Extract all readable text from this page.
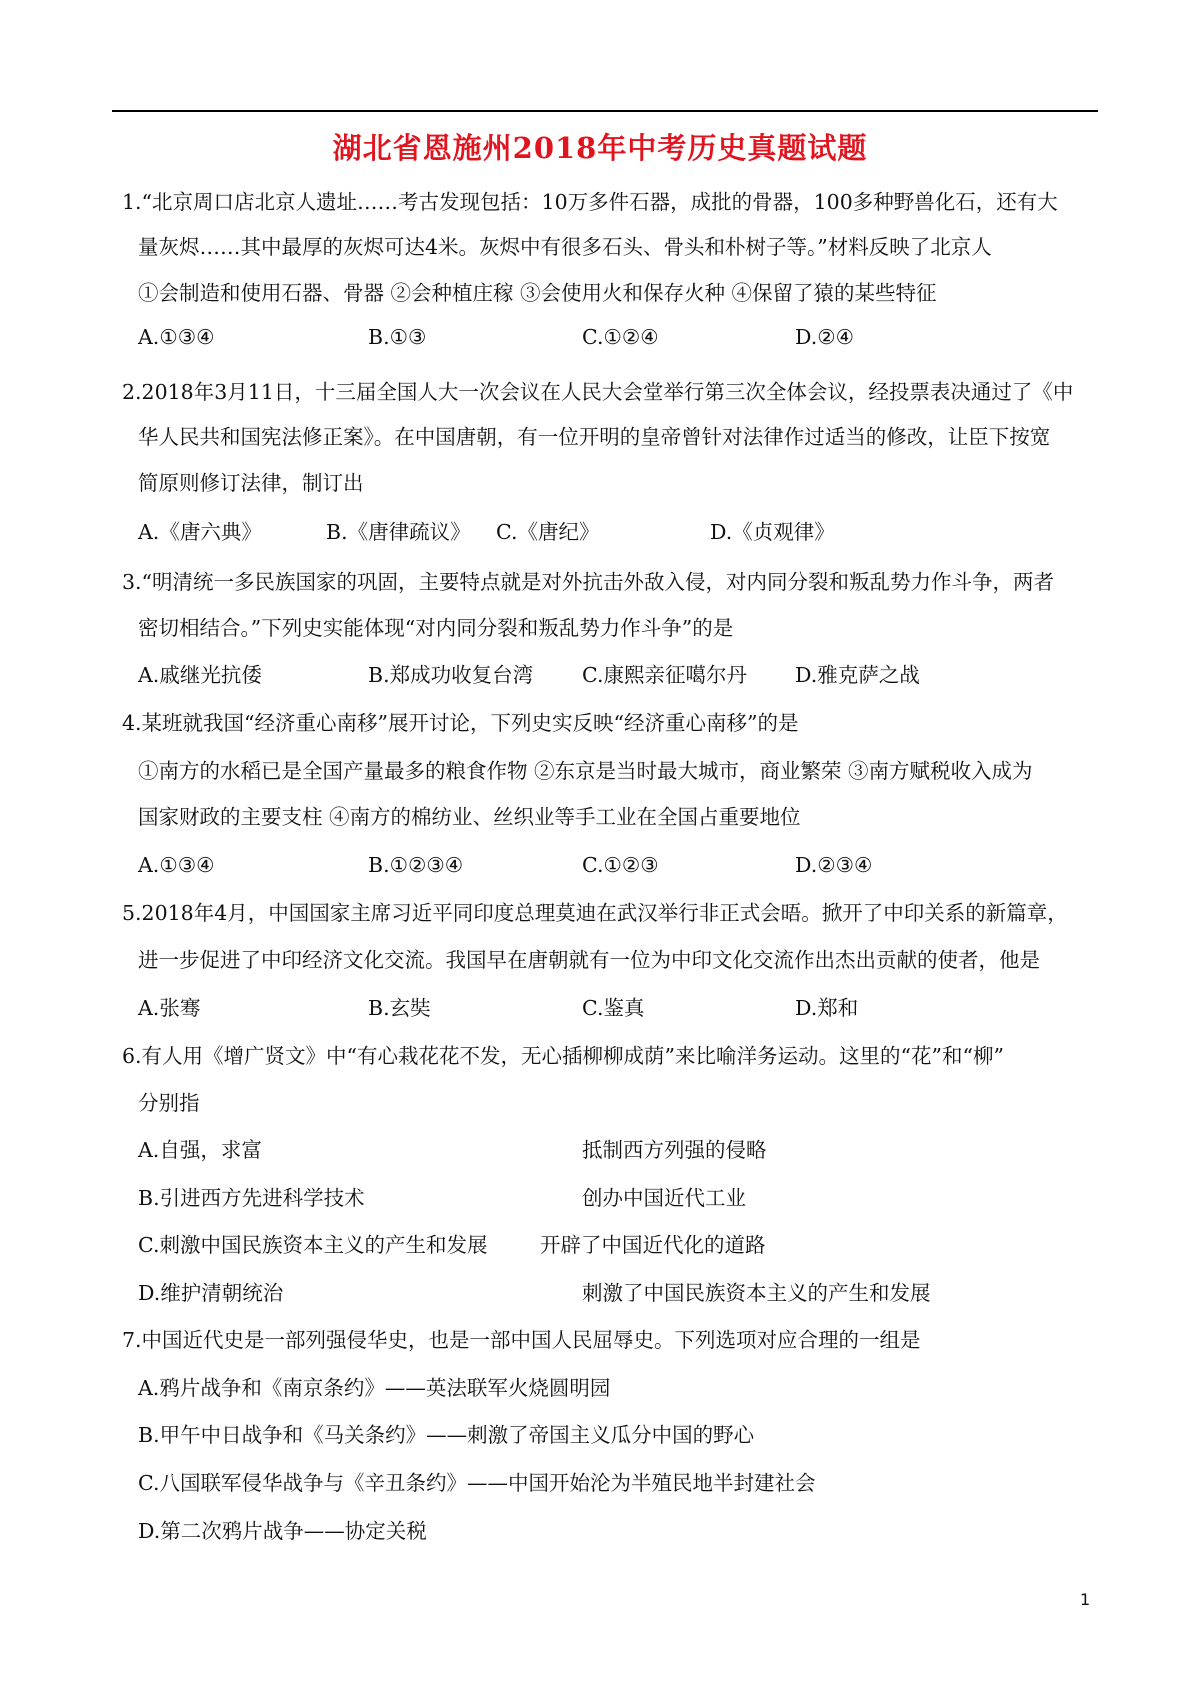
湖北省恩施州2018年中考历史真题试题
1.“北京周口店北京人遗址……考古发现包括：10万多件石器，成批的骨器，100多种野兽化石，还有大
量灰烬……其中最厚的灰烬可达4米。灰烬中有很多石头、骨头和朴树子等。”材料反映了北京人
①会制造和使用石器、骨器 ②会种植庄稼 ③会使用火和保存火种 ④保留了猿的某些特征
A.①③④	B.①③	C.①②④	D.②④
2.2018年3月11日，十三届全国人大一次会议在人民大会堂举行第三次全体会议，经投票表决通过了《中
华人民共和国宪法修正案》。在中国唐朝，有一位开明的皇帝曾针对法律作过适当的修改，让臣下按宽
简原则修订法律，制订出
A.《唐六典》	B.《唐律疏议》 C.《唐纪》	D.《贞观律》
3.“明清统一多民族国家的巩固，主要特点就是对外抗击外敌入侵，对内同分裂和叛乱势力作斗争，两者
密切相结合。”下列史实能体现“对内同分裂和叛乱势力作斗争”的是
A.戚继光抗倭	B.郑成功收复台湾 C.康熙亲征噶尔丹 D.雅克萨之战
4.某班就我国“经济重心南移”展开讨论，下列史实反映“经济重心南移”的是
①南方的水稻已是全国产量最多的粮食作物 ②东京是当时最大城市，商业繁荣 ③南方赋税收入成为
国家财政的主要支柱 ④南方的棉纺业、丝织业等手工业在全国占重要地位
A.①③④	B.①②③④	C.①②③	D.②③④
5.2018年4月，中国国家主席习近平同印度总理莫迪在武汉举行非正式会晤。掀开了中印关系的新篇章，
进一步促进了中印经济文化交流。我国早在唐朝就有一位为中印文化交流作出杰出贡献的使者，他是
A.张骞	B.玄奘	C.鉴真	D.郑和
6.有人用《增广贤文》中“有心栽花花不发，无心插柳柳成荫”来比喻洋务运动。这里的“花”和“柳”
分别指
A.自强，求富	抵制西方列强的侵略
B.引进西方先进科学技术	创办中国近代工业
C.刺激中国民族资本主义的产生和发展	开辟了中国近代化的道路
D.维护清朝统治	刺激了中国民族资本主义的产生和发展
7.中国近代史是一部列强侵华史，也是一部中国人民屈辱史。下列选项对应合理的一组是
A.鸦片战争和《南京条约》——英法联军火烧圆明园
B.甲午中日战争和《马关条约》——刺激了帝国主义瓜分中国的野心
C.八国联军侵华战争与《辛丑条约》——中国开始沦为半殖民地半封建社会
D.第二次鸦片战争——协定关税
1
